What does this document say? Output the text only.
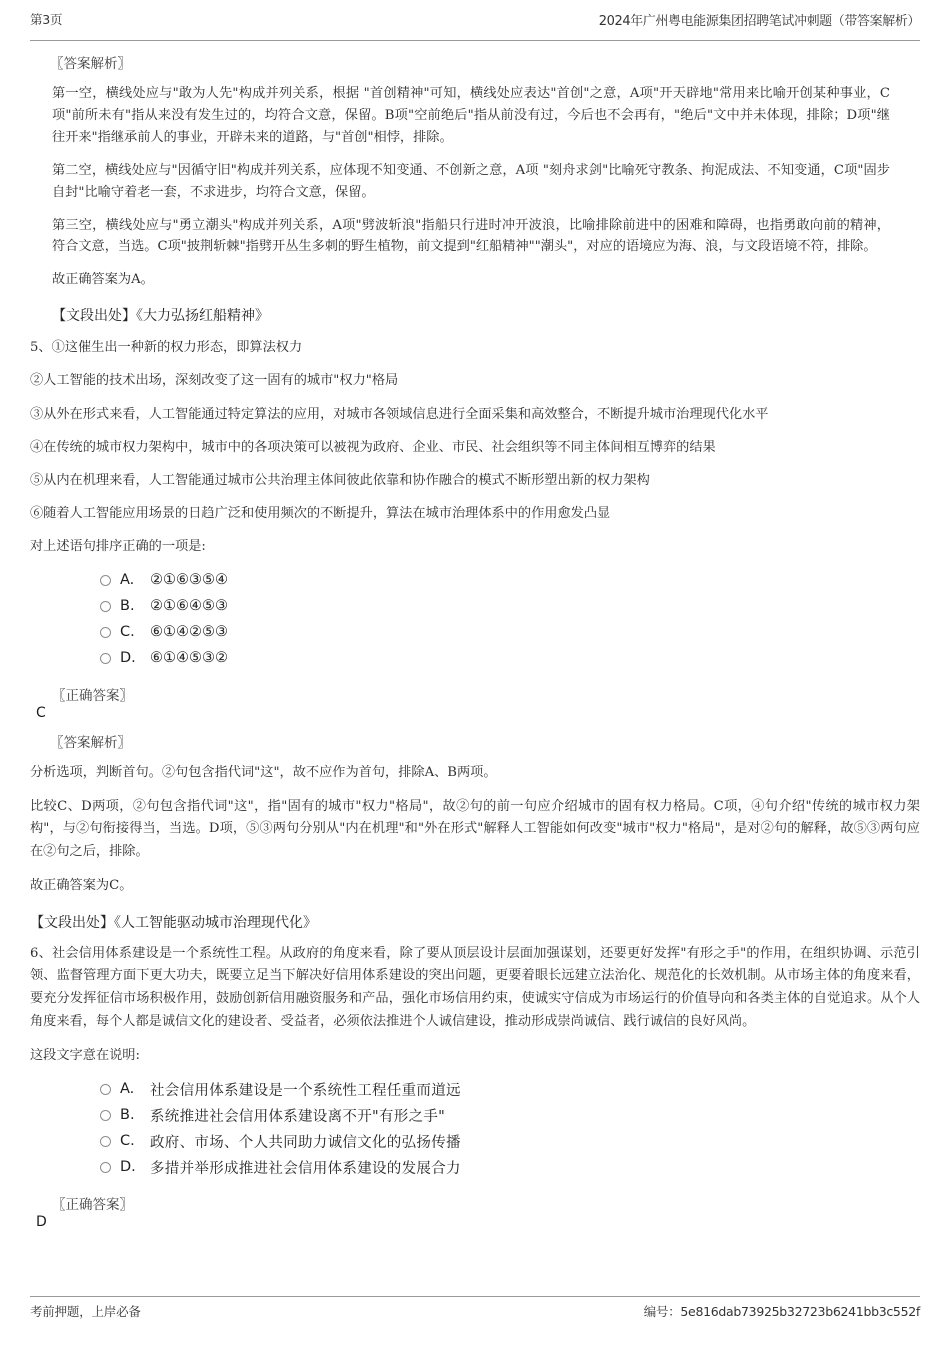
第3页	2024年广州粤电能源集团招聘笔试冲刺题（带答案解析）
〖答案解析〗
第一空，横线处应与"敢为人先"构成并列关系，根据 "首创精神"可知，横线处应表达"首创"之意，A项"开天辟地"常用来比喻开创某种事业，C项"前所未有"指从来没有发生过的，均符合文意，保留。B项"空前绝后"指从前没有过，今后也不会再有，"绝后"文中并未体现，排除；D项"继往开来"指继承前人的事业，开辟未来的道路，与"首创"相悖，排除。
第二空，横线处应与"因循守旧"构成并列关系，应体现不知变通、不创新之意，A项 "刻舟求剑"比喻死守教条、拘泥成法、不知变通，C项"固步自封"比喻守着老一套，不求进步，均符合文意，保留。
第三空，横线处应与"勇立潮头"构成并列关系，A项"劈波斩浪"指船只行进时冲开波浪，比喻排除前进中的困难和障碍，也指勇敢向前的精神，符合文意，当选。C项"披荆斩棘"指劈开丛生多刺的野生植物，前文提到"红船精神""潮头"，对应的语境应为海、浪，与文段语境不符，排除。
故正确答案为A。
【文段出处】《大力弘扬红船精神》
5、①这催生出一种新的权力形态，即算法权力
②人工智能的技术出场，深刻改变了这一固有的城市"权力"格局
③从外在形式来看，人工智能通过特定算法的应用，对城市各领域信息进行全面采集和高效整合，不断提升城市治理现代化水平
④在传统的城市权力架构中，城市中的各项决策可以被视为政府、企业、市民、社会组织等不同主体间相互博弈的结果
⑤从内在机理来看，人工智能通过城市公共治理主体间彼此依靠和协作融合的模式不断形塑出新的权力架构
⑥随着人工智能应用场景的日趋广泛和使用频次的不断提升，算法在城市治理体系中的作用愈发凸显
对上述语句排序正确的一项是:
A.	②①⑥③⑤④
B.	②①⑥④⑤③
C.	⑥①④②⑤③
D. ⑥①④⑤③②
〖正确答案〗
C
〖答案解析〗
分析选项，判断首句。②句包含指代词"这"，故不应作为首句，排除A、B两项。
比较C、D两项，②句包含指代词"这"，指"固有的城市"权力"格局"，故②句的前一句应介绍城市的固有权力格局。C项，④句介绍"传统的城市权力架构"，与②句衔接得当，当选。D项，⑤③两句分别从"内在机理"和"外在形式"解释人工智能如何改变"城市"权力"格局"，是对②句的解释，故⑤③两句应在②句之后，排除。
故正确答案为C。
【文段出处】《人工智能驱动城市治理现代化》
6、社会信用体系建设是一个系统性工程。从政府的角度来看，除了要从顶层设计层面加强谋划，还要更好发挥"有形之手"的作用，在组织协调、示范引领、监督管理方面下更大功夫，既要立足当下解决好信用体系建设的突出问题，更要着眼长远建立法治化、规范化的长效机制。从市场主体的角度来看，要充分发挥征信市场积极作用，鼓励创新信用融资服务和产品，强化市场信用约束，使诚实守信成为市场运行的价值导向和各类主体的自觉追求。从个人角度来看，每个人都是诚信文化的建设者、受益者，必须依法推进个人诚信建设，推动形成崇尚诚信、践行诚信的良好风尚。
这段文字意在说明:
A.	社会信用体系建设是一个系统性工程任重而道远
B.	系统推进社会信用体系建设离不开"有形之手"
C.	政府、市场、个人共同助力诚信文化的弘扬传播
D. 多措并举形成推进社会信用体系建设的发展合力
〖正确答案〗
D
考前押题，上岸必备	编号：5e816dab73925b32723b6241bb3c552f
